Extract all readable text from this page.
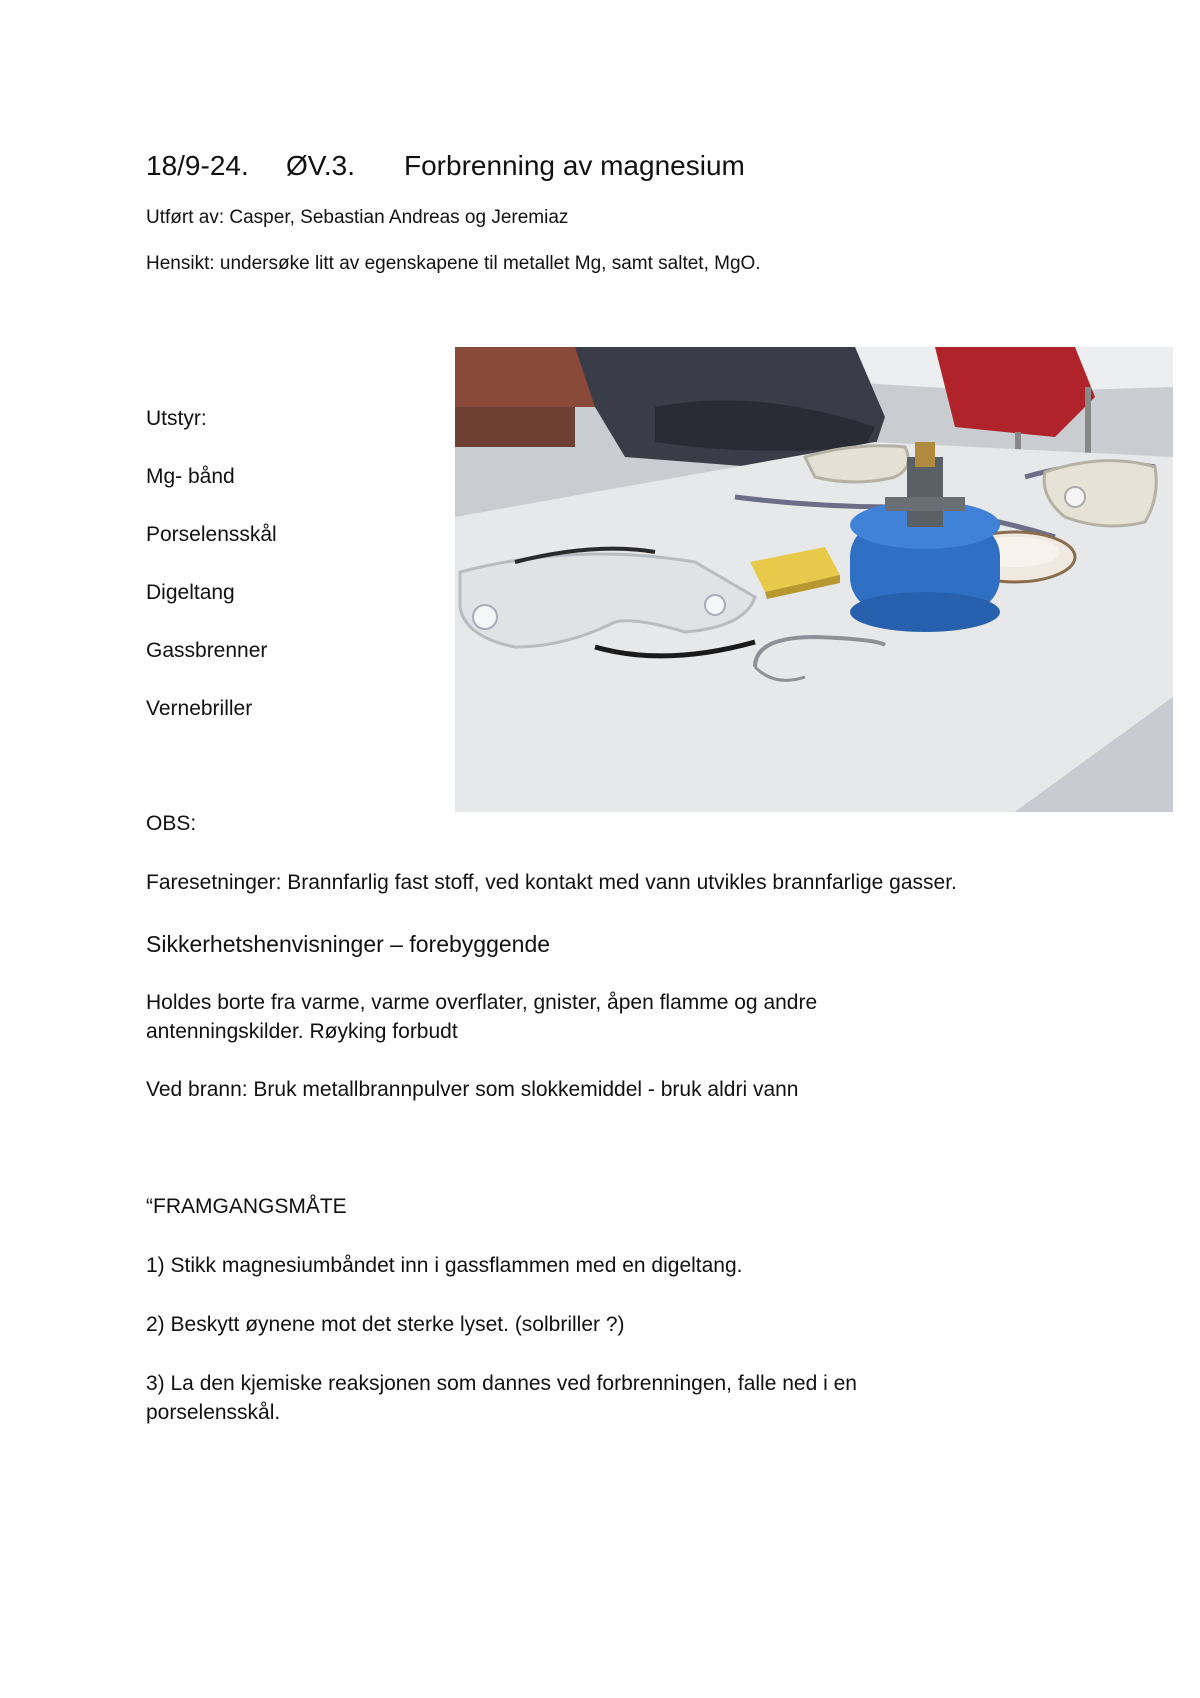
18/9-24.	ØV.3.	Forbrenning av magnesium

Utført av: Casper, Sebastian Andreas og Jeremiaz

Hensikt: undersøke litt av egenskapene til metallet Mg, samt saltet, MgO.

Utstyr:

Mg- bånd

Porselensskål

Digeltang

Gassbrenner

Vernebriller

OBS:

Faresetninger: Brannfarlig fast stoff, ved kontakt med vann utvikles brannfarlige gasser.

Sikkerhetshenvisninger – forebyggende

Holdes borte fra varme, varme overflater, gnister, åpen flamme og andre

antenningskilder. Røyking forbudt

Ved brann: Bruk metallbrannpulver som slokkemiddel - bruk aldri vann

“FRAMGANGSMÅTE

1) Stikk magnesiumbåndet inn i gassflammen med en digeltang.

2) Beskytt øynene mot det sterke lyset. (solbriller ?)

3) La den kjemiske reaksjonen som dannes ved forbrenningen, falle ned i en

porselensskål.
